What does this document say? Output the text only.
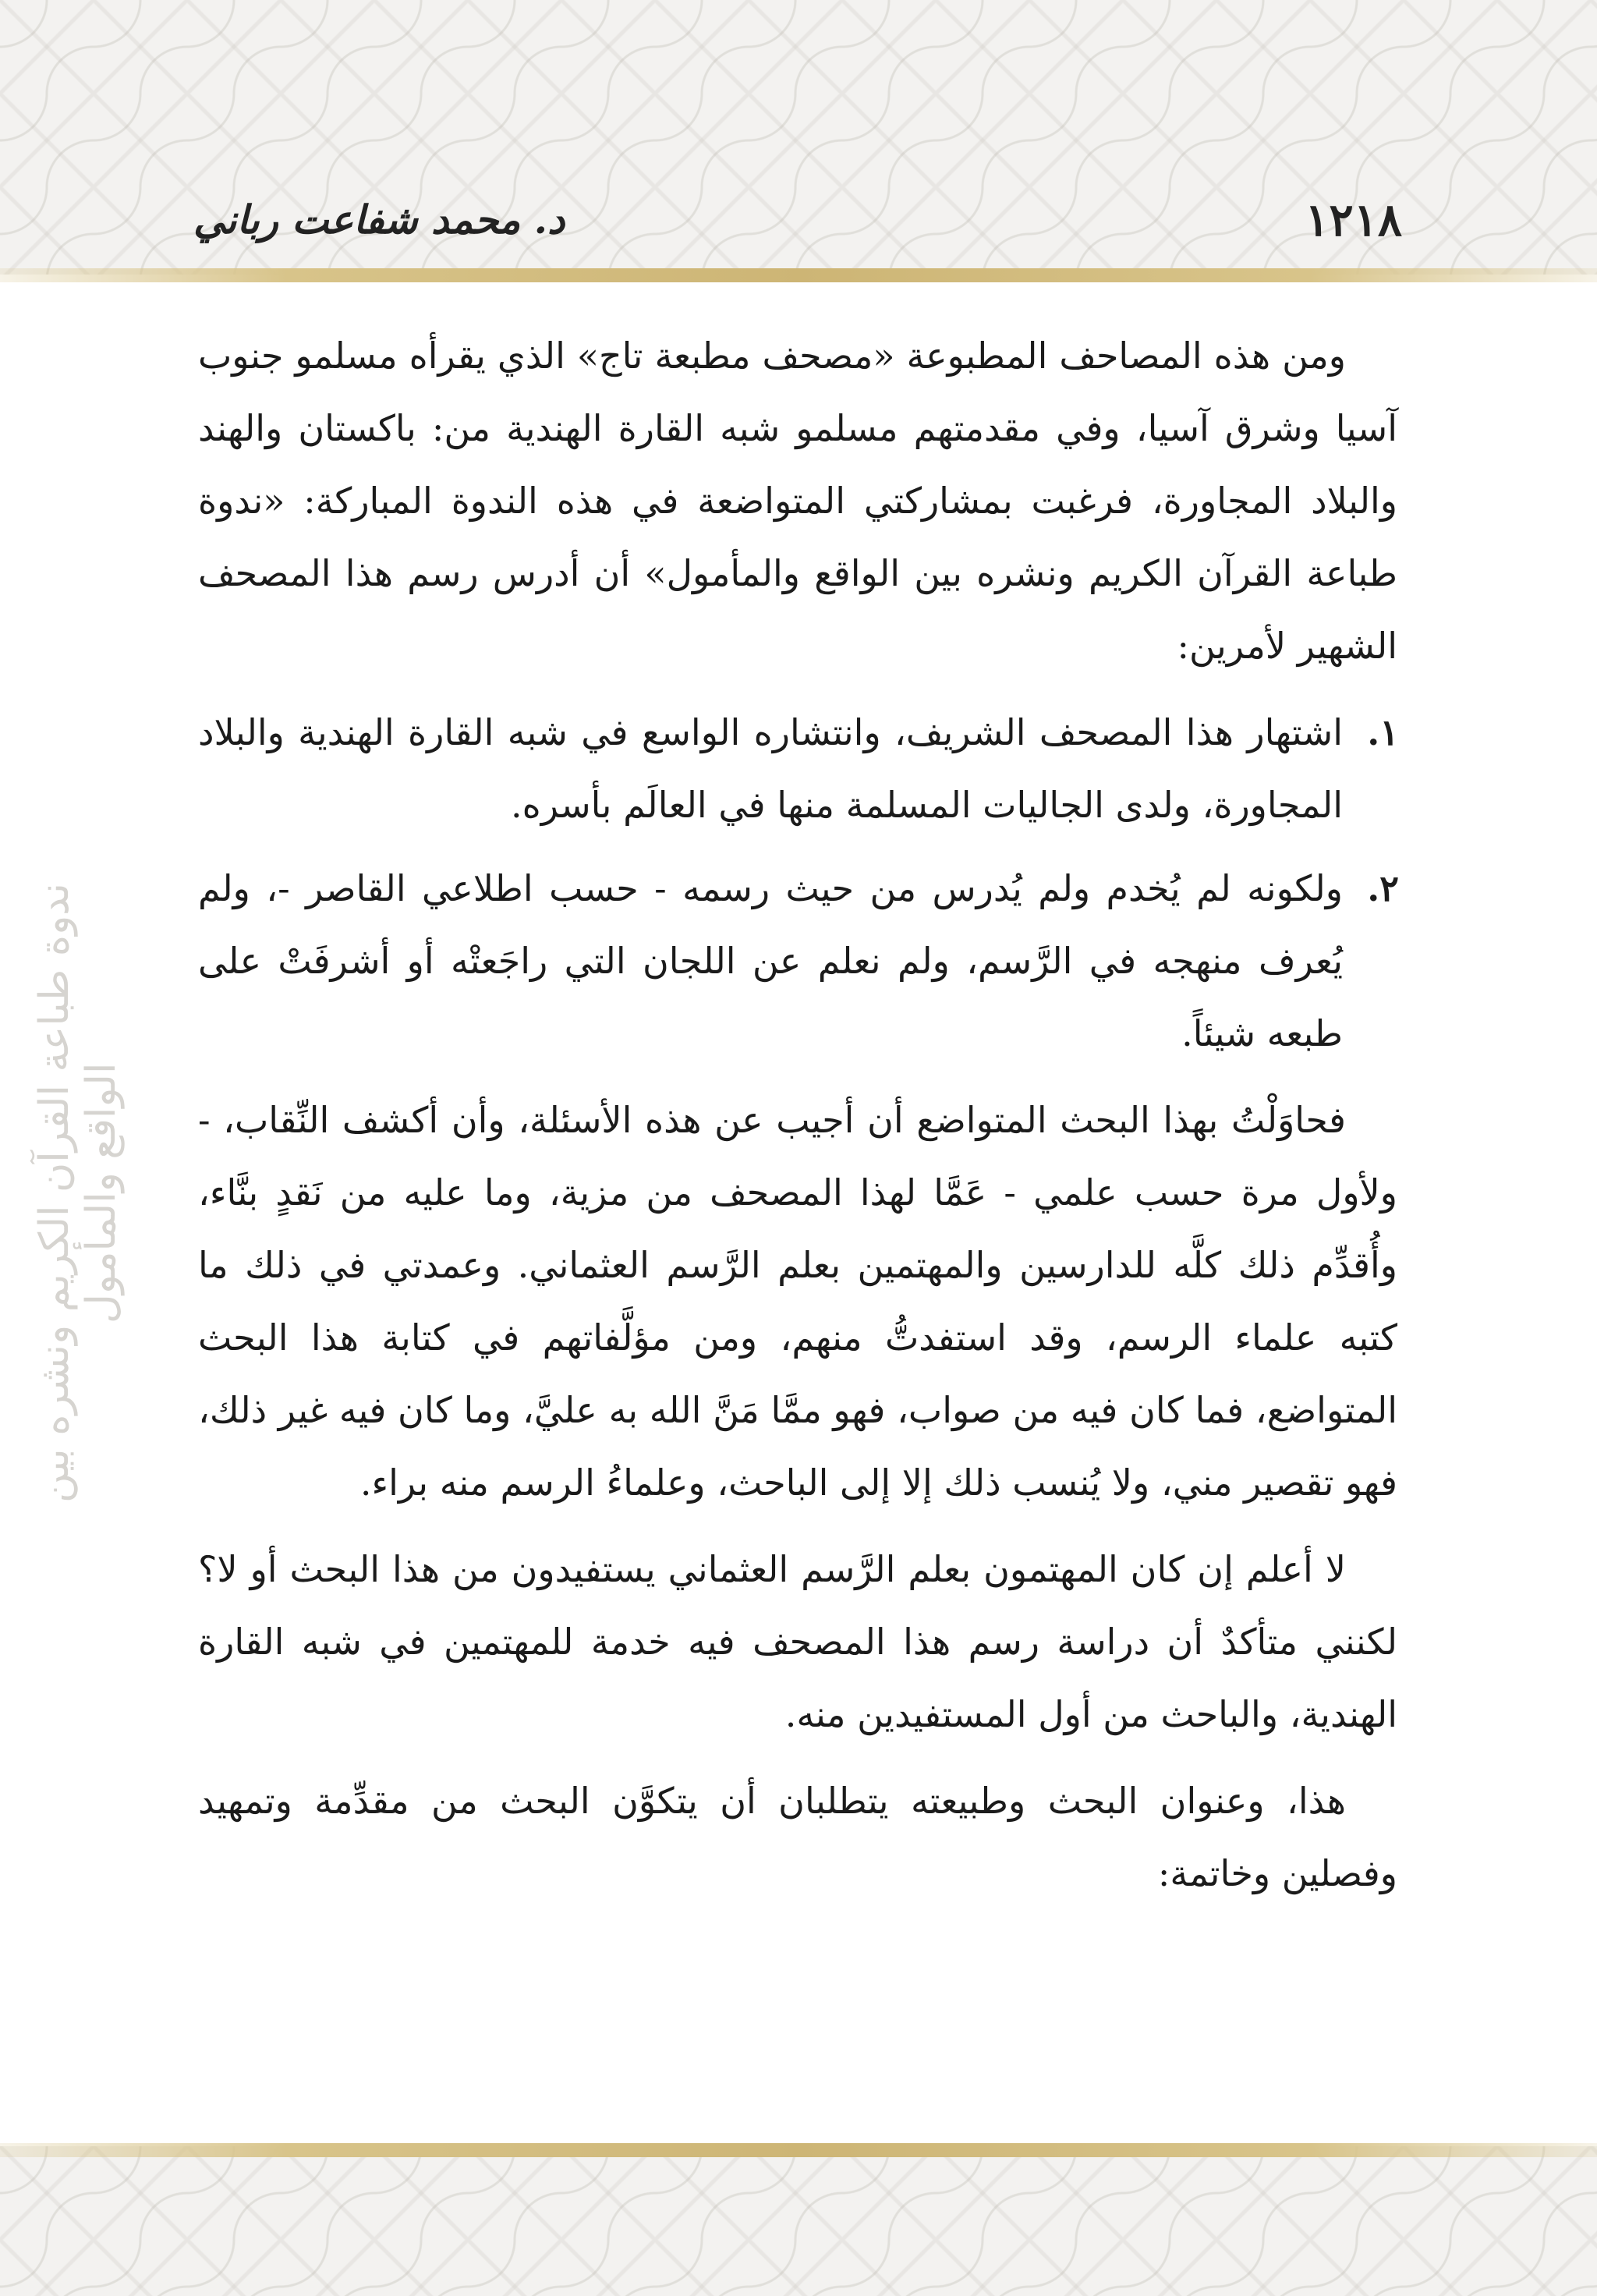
١٢١٨
د. محمد شفاعت رباني
ندوة طباعة القرآن الكريم ونشره بين الواقع والمأمول

ومن هذه المصاحف المطبوعة «مصحف مطبعة تاج» الذي يقرأه مسلمو جنوب آسيا وشرق آسيا، وفي مقدمتهم مسلمو شبه القارة الهندية من: باكستان والهند والبلاد المجاورة، فرغبت بمشاركتي المتواضعة في هذه الندوة المباركة: «ندوة طباعة القرآن الكريم ونشره بين الواقع والمأمول» أن أدرس رسم هذا المصحف الشهير لأمرين:

١.
اشتهار هذا المصحف الشريف، وانتشاره الواسع في شبه القارة الهندية والبلاد المجاورة، ولدى الجاليات المسلمة منها في العالَم بأسره.
٢.
ولكونه لم يُخدم ولم يُدرس من حيث رسمه - حسب اطلاعي القاصر -، ولم يُعرف منهجه في الرَّسم، ولم نعلم عن اللجان التي راجَعتْه أو أشرفَتْ على طبعه شيئاً.

فحاوَلْتُ بهذا البحث المتواضع أن أجيب عن هذه الأسئلة، وأن أكشف النِّقاب، - ولأول مرة حسب علمي - عَمَّا لهذا المصحف من مزية، وما عليه من نَقدٍ بنَّاء، وأُقدِّم ذلك كلَّه للدارسين والمهتمين بعلم الرَّسم العثماني. وعمدتي في ذلك ما كتبه علماء الرسم، وقد استفدتُّ منهم، ومن مؤلَّفاتهم في كتابة هذا البحث المتواضع، فما كان فيه من صواب، فهو ممَّا مَنَّ الله به عليَّ، وما كان فيه غير ذلك، فهو تقصير مني، ولا يُنسب ذلك إلا إلى الباحث، وعلماءُ الرسم منه براء.

لا أعلم إن كان المهتمون بعلم الرَّسم العثماني يستفيدون من هذا البحث أو لا؟ لكنني متأكدٌ أن دراسة رسم هذا المصحف فيه خدمة للمهتمين في شبه القارة الهندية، والباحث من أول المستفيدين منه.

هذا، وعنوان البحث وطبيعته يتطلبان أن يتكوَّن البحث من مقدِّمة وتمهيد وفصلين وخاتمة:
